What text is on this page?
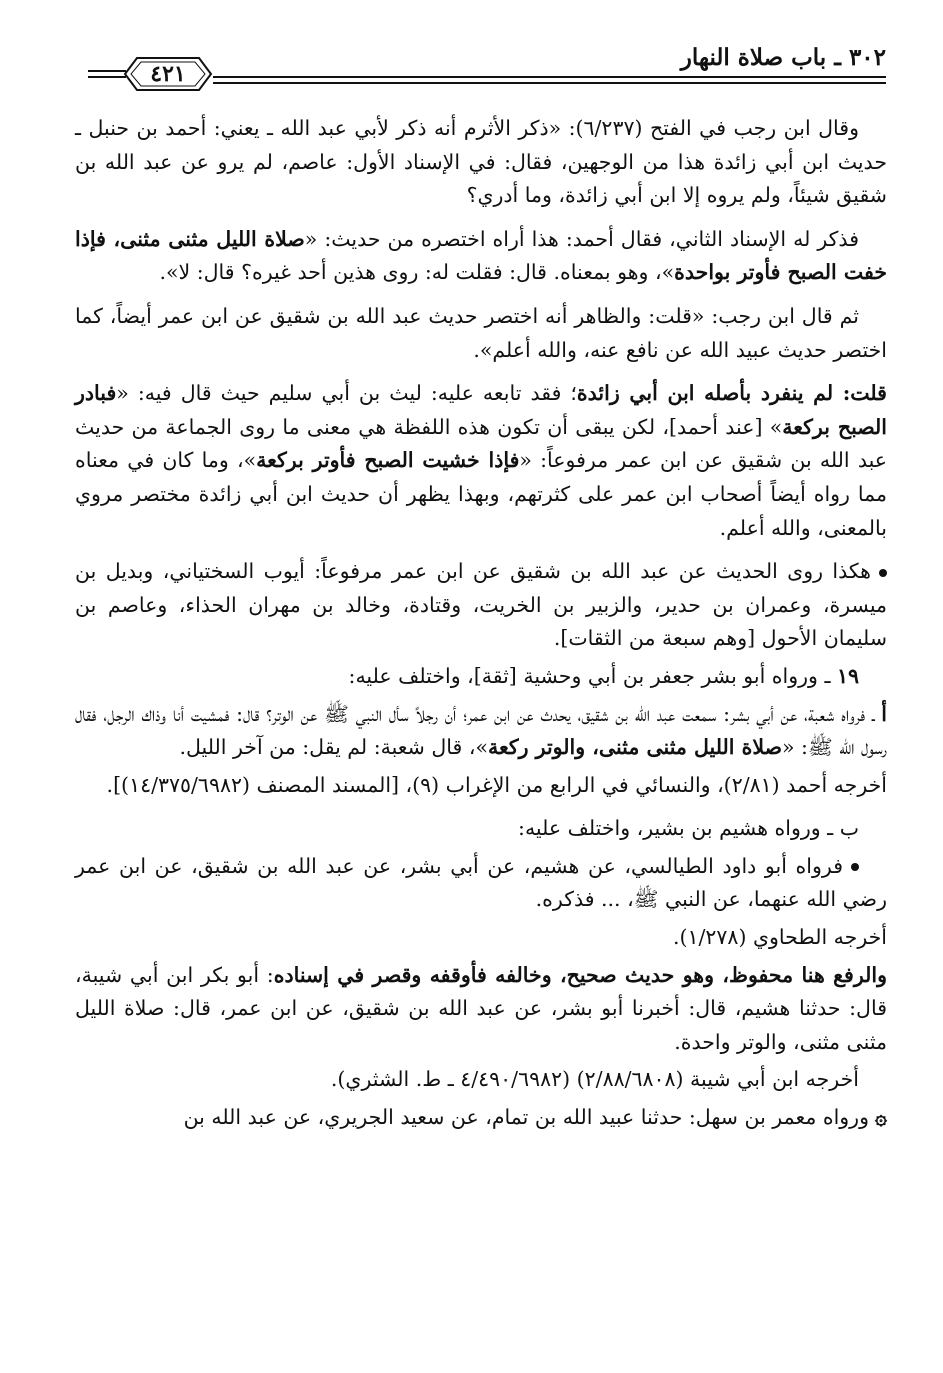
٣٠٢ ـ باب صلاة النهار
٤٢١

وقال ابن رجب في الفتح (٦/٢٣٧): «ذكر الأثرم أنه ذكر لأبي عبد الله ـ يعني: أحمد بن حنبل ـ حديث ابن أبي زائدة هذا من الوجهين، فقال: في الإسناد الأول: عاصم، لم يرو عن عبد الله بن شقيق شيئاً، ولم يروه إلا ابن أبي زائدة، وما أدري؟

فذكر له الإسناد الثاني، فقال أحمد: هذا أراه اختصره من حديث: «صلاة الليل مثنى مثنى، فإذا خفت الصبح فأوتر بواحدة»، وهو بمعناه. قال: فقلت له: روى هذين أحد غيره؟ قال: لا».

ثم قال ابن رجب: «قلت: والظاهر أنه اختصر حديث عبد الله بن شقيق عن ابن عمر أيضاً، كما اختصر حديث عبيد الله عن نافع عنه، والله أعلم».

قلت: لم ينفرد بأصله ابن أبي زائدة؛ فقد تابعه عليه: ليث بن أبي سليم حيث قال فيه: «فبادر الصبح بركعة» [عند أحمد]، لكن يبقى أن تكون هذه اللفظة هي معنى ما روى الجماعة من حديث عبد الله بن شقيق عن ابن عمر مرفوعاً: «فإذا خشيت الصبح فأوتر بركعة»، وما كان في معناه مما رواه أيضاً أصحاب ابن عمر على كثرتهم، وبهذا يظهر أن حديث ابن أبي زائدة مختصر مروي بالمعنى، والله أعلم.

هكذا روى الحديث عن عبد الله بن شقيق عن ابن عمر مرفوعاً: أيوب السختياني، وبديل بن ميسرة، وعمران بن حدير، والزبير بن الخريت، وقتادة، وخالد بن مهران الحذاء، وعاصم بن سليمان الأحول [وهم سبعة من الثقات].

١٩ ـ ورواه أبو بشر جعفر بن أبي وحشية [ثقة]، واختلف عليه:

أ ـ فرواه شعبة، عن أبي بشر: سمعت عبد الله بن شقيق، يحدث عن ابن عمر؛ أن رجلاً سأل النبي ﷺ عن الوتر؟ قال: فمشيت أنا وذاك الرجل، فقال رسول الله ﷺ: «صلاة الليل مثنى مثنى، والوتر ركعة»، قال شعبة: لم يقل: من آخر الليل.

أخرجه أحمد (٢/٨١)، والنسائي في الرابع من الإغراب (٩)، [المسند المصنف (١٤/٣٧٥/٦٩٨٢)].

ب ـ ورواه هشيم بن بشير، واختلف عليه:

فرواه أبو داود الطيالسي، عن هشيم، عن أبي بشر، عن عبد الله بن شقيق، عن ابن عمر رضي الله عنهما، عن النبي ﷺ، ... فذكره.

أخرجه الطحاوي (١/٢٧٨).

والرفع هنا محفوظ، وهو حديث صحيح، وخالفه فأوقفه وقصر في إسناده: أبو بكر ابن أبي شيبة، قال: حدثنا هشيم، قال: أخبرنا أبو بشر، عن عبد الله بن شقيق، عن ابن عمر، قال: صلاة الليل مثنى مثنى، والوتر واحدة.

أخرجه ابن أبي شيبة (٢/٨٨/٦٨٠٨) (٤/٤٩٠/٦٩٨٢ ـ ط. الشثري).

۞ورواه معمر بن سهل: حدثنا عبيد الله بن تمام، عن سعيد الجريري، عن عبد الله بن
